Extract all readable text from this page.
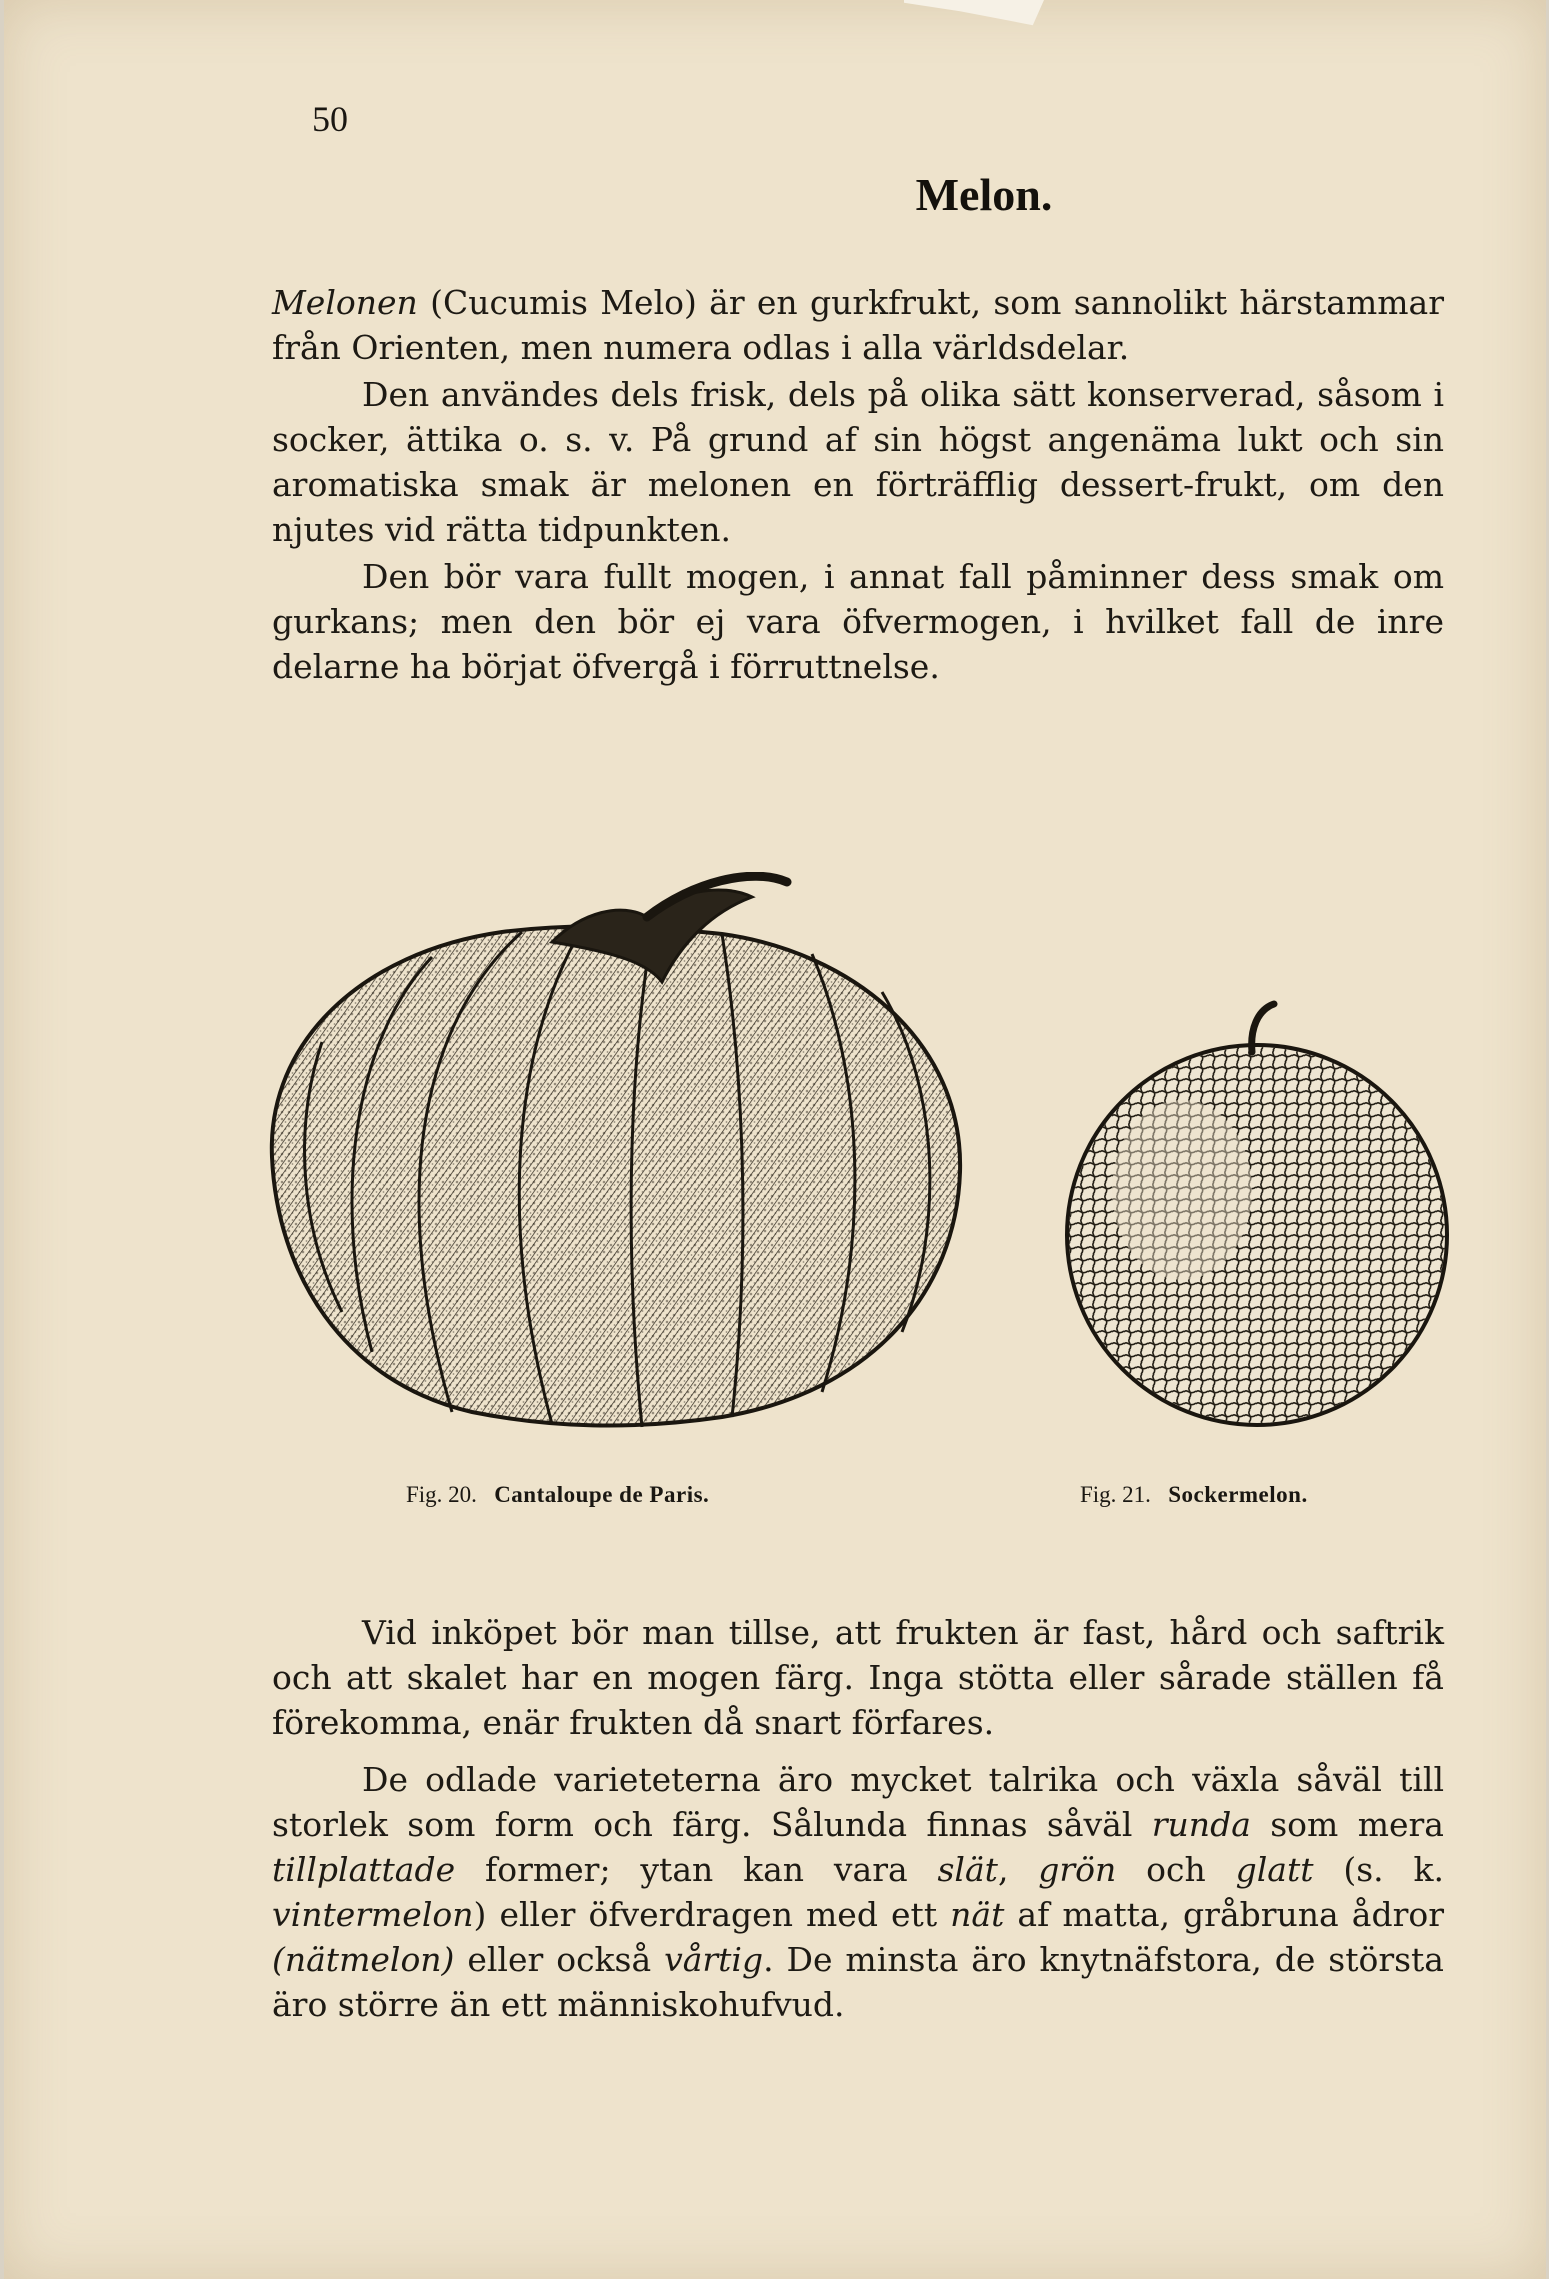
50
Melon.

Melonen (Cucumis Melo) är en gurkfrukt, som sannolikt härstammar från Orienten, men numera odlas i alla världsdelar.

Den användes dels frisk, dels på olika sätt konserverad, såsom i socker, ättika o. s. v. På grund af sin högst angenäma lukt och sin aromatiska smak är melonen en förträfflig dessert-frukt, om den njutes vid rätta tidpunkten.

Den bör vara fullt mogen, i annat fall påminner dess smak om gurkans; men den bör ej vara öfvermogen, i hvilket fall de inre delarne ha börjat öfvergå i förruttnelse.

Fig. 20. Cantaloupe de Paris.	Fig. 21. Sockermelon.

Vid inköpet bör man tillse, att frukten är fast, hård och saftrik och att skalet har en mogen färg. Inga stötta eller sårade ställen få förekomma, enär frukten då snart förfares.

De odlade varieteterna äro mycket talrika och växla såväl till storlek som form och färg. Sålunda finnas såväl runda som mera tillplattade former; ytan kan vara slät, grön och glatt (s. k. vintermelon) eller öfverdragen med ett nät af matta, gråbruna ådror (nätmelon) eller också vårtig. De minsta äro knytnäfstora, de största äro större än ett människohufvud.
